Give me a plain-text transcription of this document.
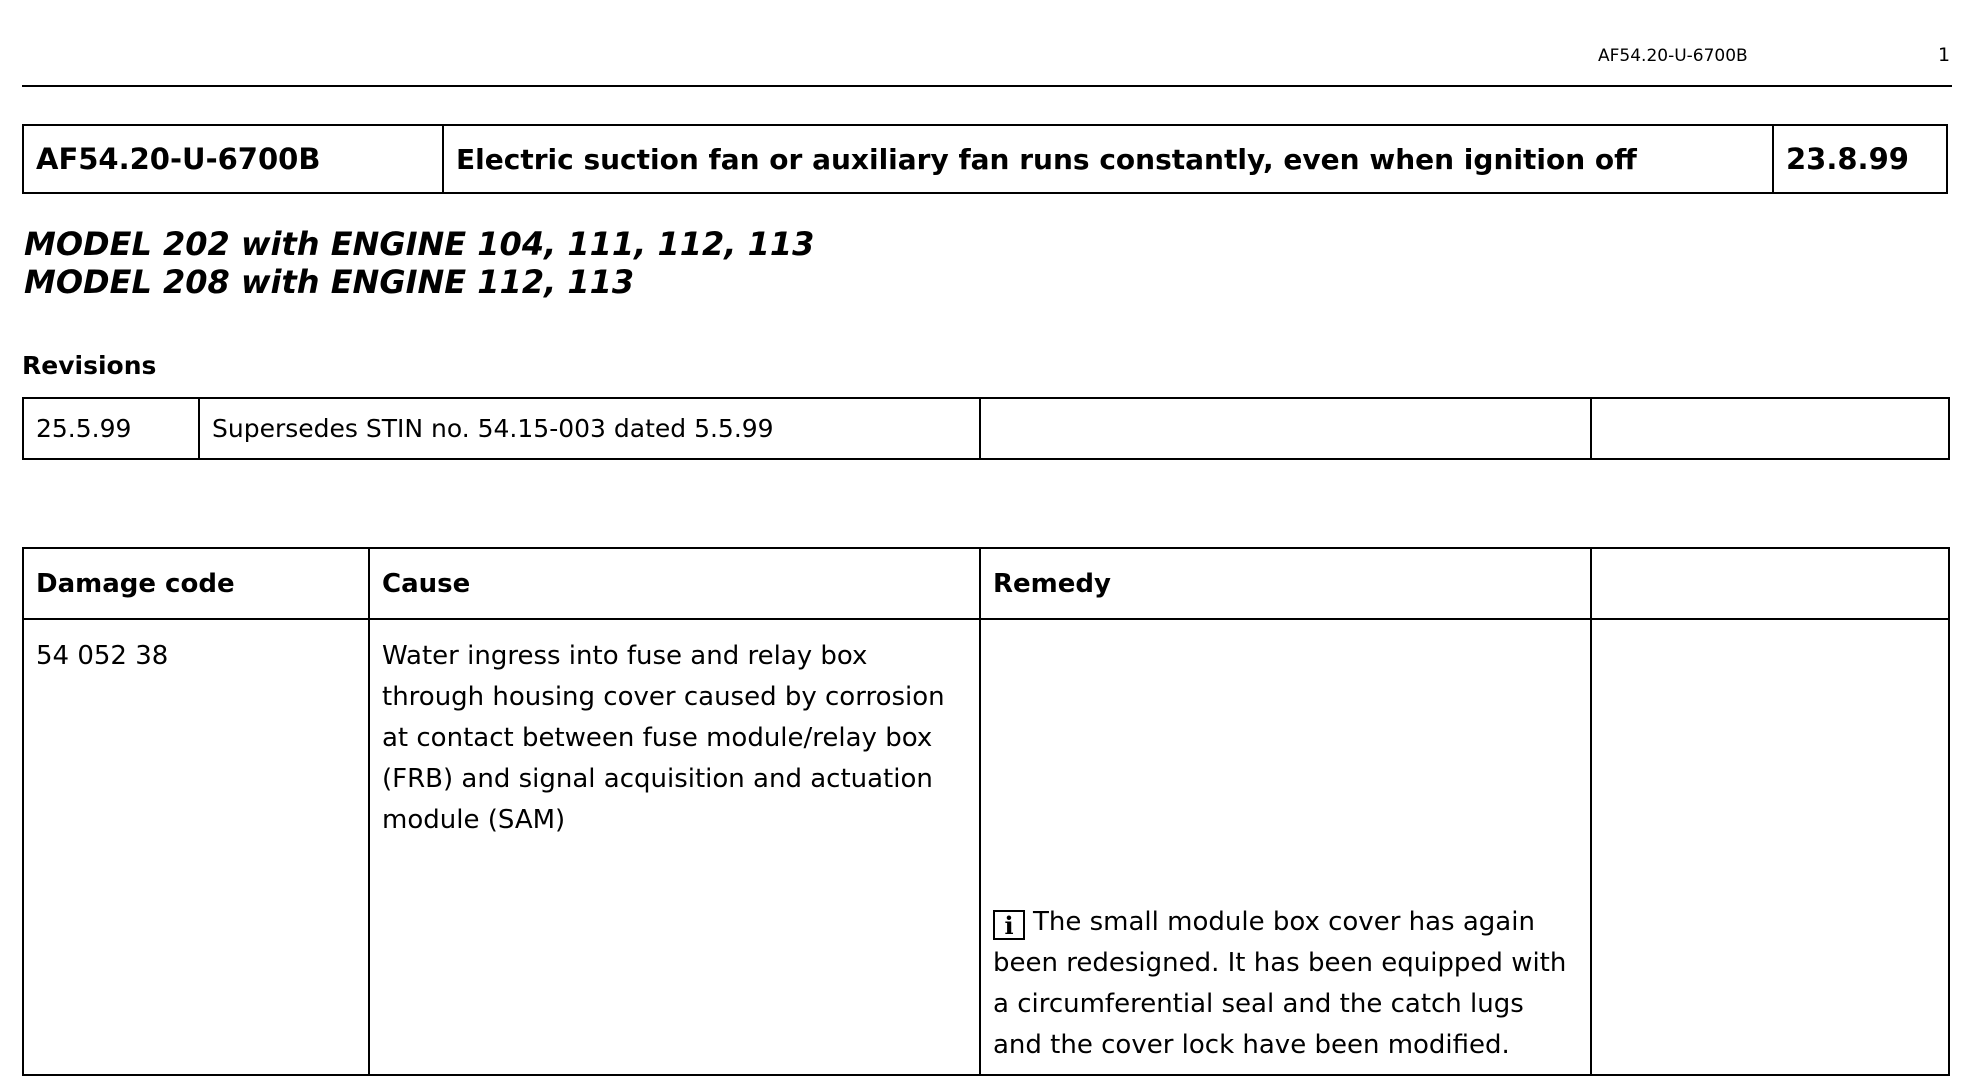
AF54.20-U-6700B	1
AF54.20-U-6700B	Electric suction fan or auxiliary fan runs constantly, even when ignition off	23.8.99
MODEL 202 with ENGINE 104, 111, 112, 113
MODEL 208 with ENGINE 112, 113
Revisions
25.5.99	Supersedes STIN no. 54.15-003 dated 5.5.99		
Damage code	Cause	Remedy	
54 052 38	Water ingress into fuse and relay box through housing cover caused by corrosion at contact between fuse module/relay box (FRB) and signal acquisition and actuation module (SAM)	i The small module box cover has again been redesigned. It has been equipped with a circumferential seal and the catch lugs and the cover lock have been modified.	
